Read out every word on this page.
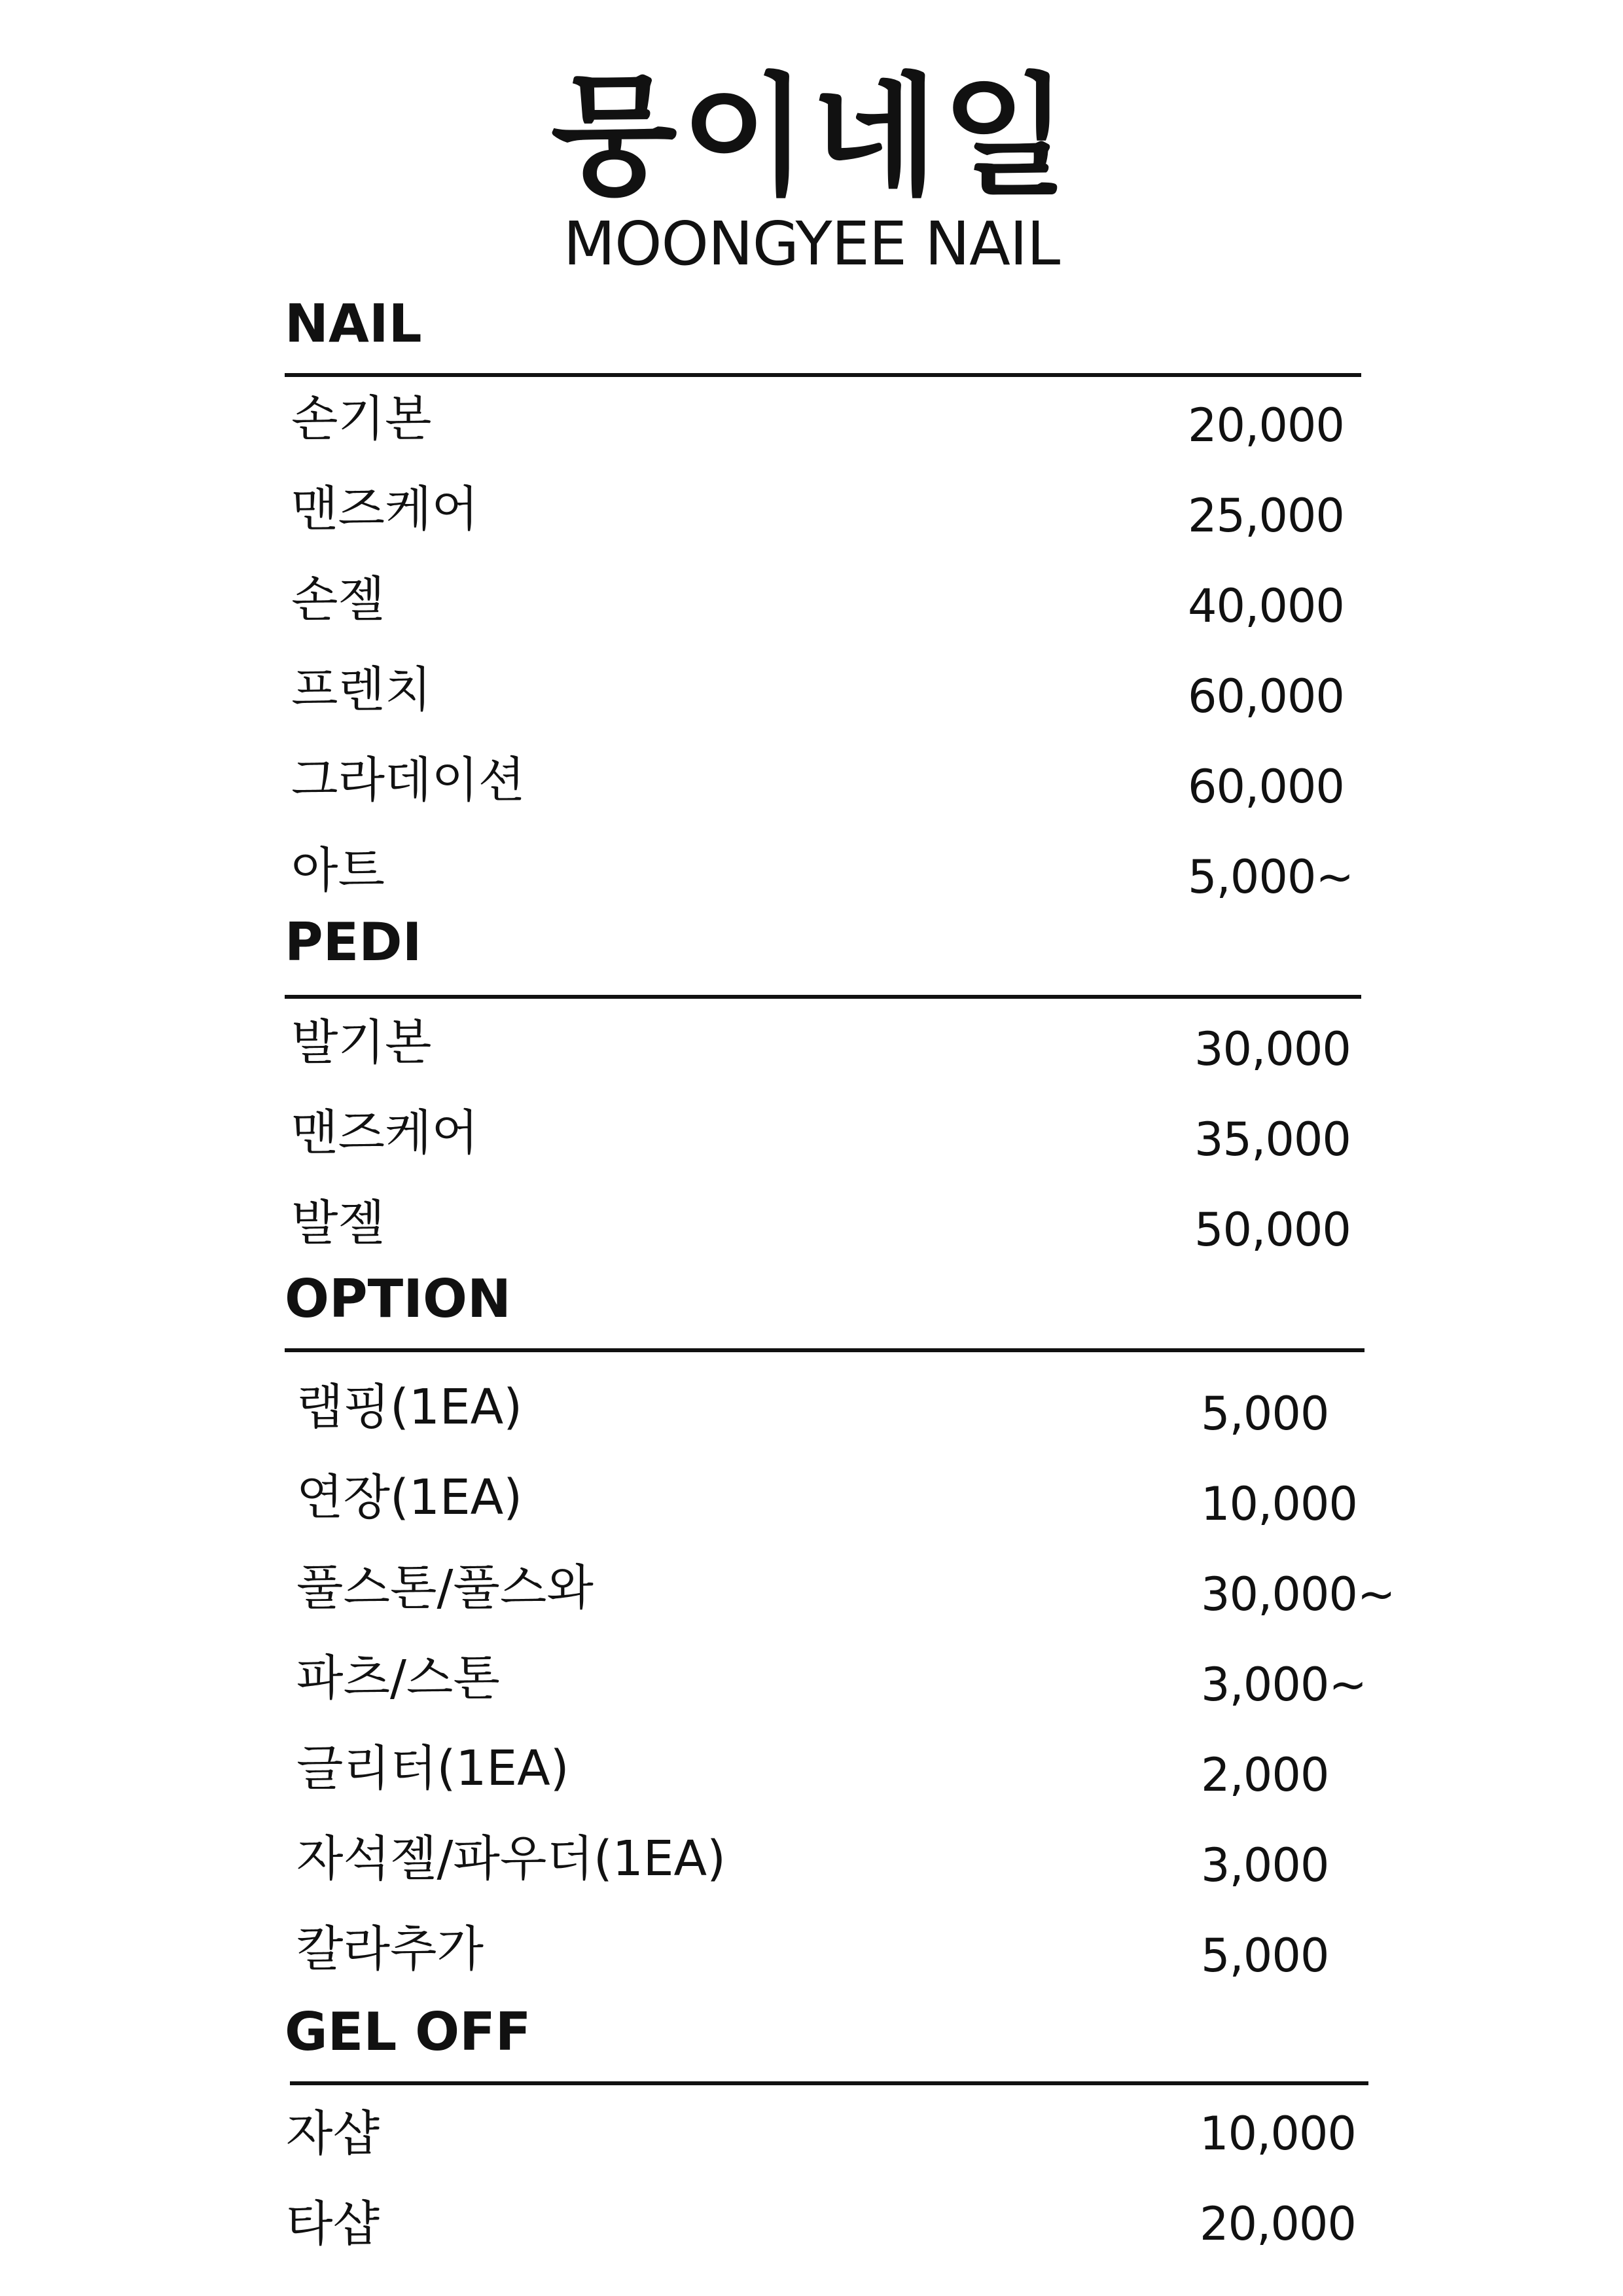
뭉이네일
MOONGYEE NAIL
NAIL
손기본	20,000
맨즈케어	25,000
손젤	40,000
프렌치	60,000
그라데이션	60,000
아트	5,000~
PEDI
발기본	30,000
맨즈케어	35,000
발젤	50,000
OPTION
랩핑(1EA)	5,000
연장(1EA)	10,000
풀스톤/풀스와	30,000~
파츠/스톤	3,000~
글리터(1EA)	2,000
자석젤/파우더(1EA)	3,000
칼라추가	5,000
GEL OFF
자샵	10,000
타샵	20,000
